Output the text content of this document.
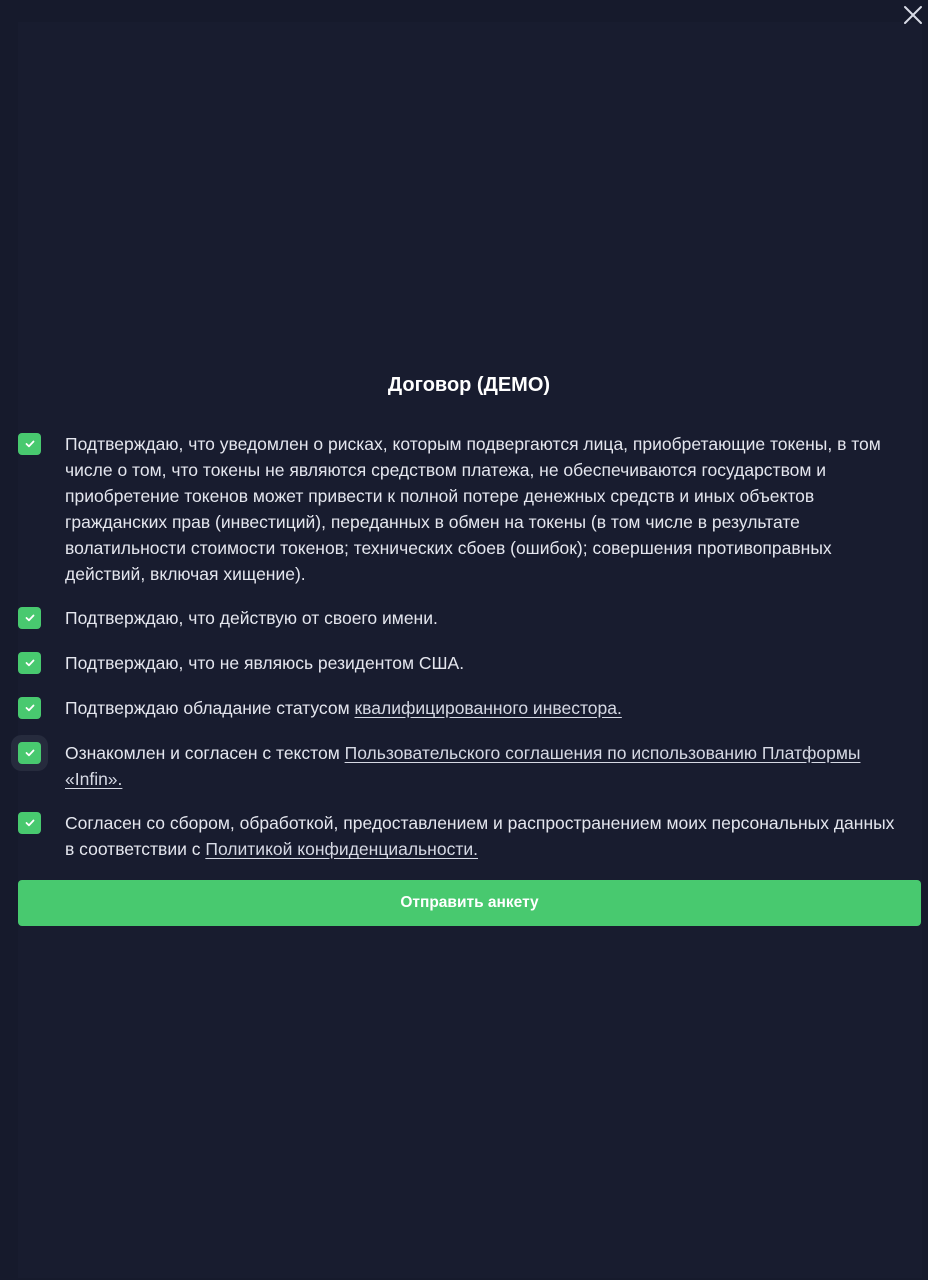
Договор (ДЕМО)
Подтверждаю, что уведомлен о рисках, которым подвергаются лица, приобретающие токены, в том числе о том, что токены не являются средством платежа, не обеспечиваются государством и приобретение токенов может привести к полной потере денежных средств и иных объектов гражданских прав (инвестиций), переданных в обмен на токены (в том числе в результате волатильности стоимости токенов; технических сбоев (ошибок); совершения противоправных действий, включая хищение).
Подтверждаю, что действую от своего имени.
Подтверждаю, что не являюсь резидентом США.
Подтверждаю обладание статусом квалифицированного инвестора.
Ознакомлен и согласен с текстом Пользовательского соглашения по использованию Платформы «Infin».
Согласен со сбором, обработкой, предоставлением и распространением моих персональных данных в соответствии с Политикой конфиденциальности.
Отправить анкету
